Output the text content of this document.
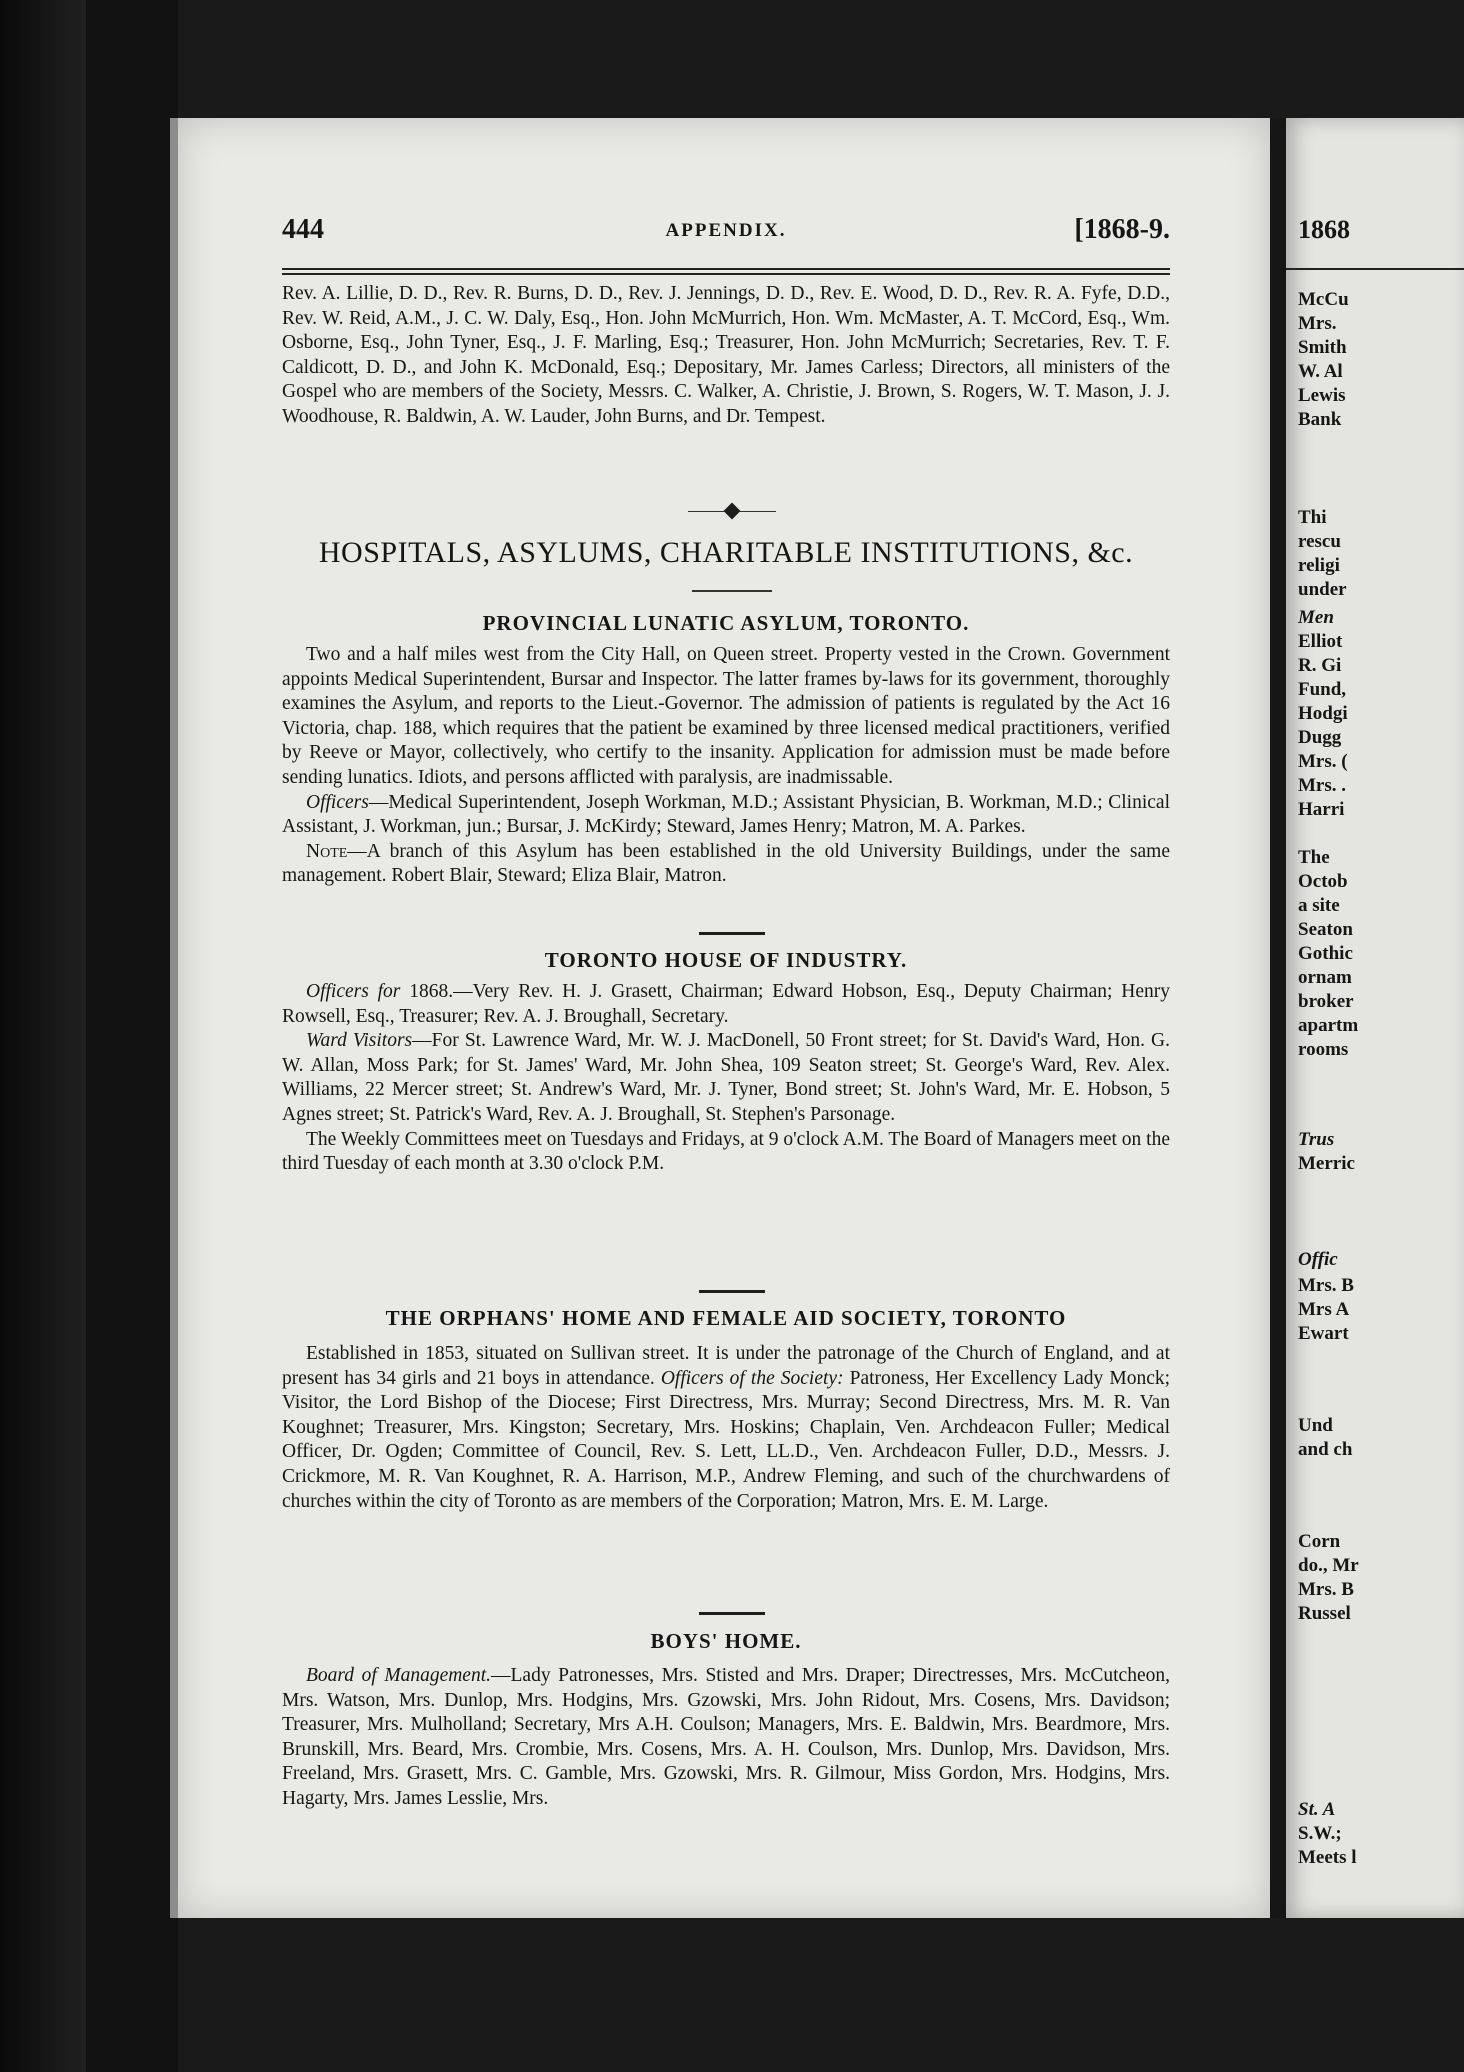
444	APPENDIX.	[1868-9.

Rev. A. Lillie, D. D., Rev. R. Burns, D. D., Rev. J. Jennings, D. D., Rev. E. Wood, D. D., Rev. R. A. Fyfe, D.D., Rev. W. Reid, A.M., J. C. W. Daly, Esq., Hon. John McMurrich, Hon. Wm. McMaster, A. T. McCord, Esq., Wm. Osborne, Esq., John Tyner, Esq., J. F. Marling, Esq.; Treasurer, Hon. John McMurrich; Secretaries, Rev. T. F. Caldicott, D. D., and John K. McDonald, Esq.; Depositary, Mr. James Carless; Directors, all ministers of the Gospel who are members of the Society, Messrs. C. Walker, A. Christie, J. Brown, S. Rogers, W. T. Mason, J. J. Woodhouse, R. Baldwin, A. W. Lauder, John Burns, and Dr. Tempest.

HOSPITALS, ASYLUMS, CHARITABLE INSTITUTIONS, &c.
PROVINCIAL LUNATIC ASYLUM, TORONTO.

Two and a half miles west from the City Hall, on Queen street. Property vested in the Crown. Government appoints Medical Superintendent, Bursar and Inspector. The latter frames by-laws for its government, thoroughly examines the Asylum, and reports to the Lieut.-Governor. The admission of patients is regulated by the Act 16 Victoria, chap. 188, which requires that the patient be examined by three licensed medical practitioners, verified by Reeve or Mayor, collectively, who certify to the insanity. Application for admission must be made before sending lunatics. Idiots, and persons afflicted with paralysis, are inadmissable.

Officers—Medical Superintendent, Joseph Workman, M.D.; Assistant Physician, B. Workman, M.D.; Clinical Assistant, J. Workman, jun.; Bursar, J. McKirdy; Steward, James Henry; Matron, M. A. Parkes.

Note—A branch of this Asylum has been established in the old University Buildings, under the same management. Robert Blair, Steward; Eliza Blair, Matron.

TORONTO HOUSE OF INDUSTRY.

Officers for 1868.—Very Rev. H. J. Grasett, Chairman; Edward Hobson, Esq., Deputy Chairman; Henry Rowsell, Esq., Treasurer; Rev. A. J. Broughall, Secretary.

Ward Visitors—For St. Lawrence Ward, Mr. W. J. MacDonell, 50 Front street; for St. David's Ward, Hon. G. W. Allan, Moss Park; for St. James' Ward, Mr. John Shea, 109 Seaton street; St. George's Ward, Rev. Alex. Williams, 22 Mercer street; St. Andrew's Ward, Mr. J. Tyner, Bond street; St. John's Ward, Mr. E. Hobson, 5 Agnes street; St. Patrick's Ward, Rev. A. J. Broughall, St. Stephen's Parsonage.

The Weekly Committees meet on Tuesdays and Fridays, at 9 o'clock A.M. The Board of Managers meet on the third Tuesday of each month at 3.30 o'clock P.M.

THE ORPHANS' HOME AND FEMALE AID SOCIETY, TORONTO

Established in 1853, situated on Sullivan street. It is under the patronage of the Church of England, and at present has 34 girls and 21 boys in attendance. Officers of the Society: Patroness, Her Excellency Lady Monck; Visitor, the Lord Bishop of the Diocese; First Directress, Mrs. Murray; Second Directress, Mrs. M. R. Van Koughnet; Treasurer, Mrs. Kingston; Secretary, Mrs. Hoskins; Chaplain, Ven. Archdeacon Fuller; Medical Officer, Dr. Ogden; Committee of Council, Rev. S. Lett, LL.D., Ven. Archdeacon Fuller, D.D., Messrs. J. Crickmore, M. R. Van Koughnet, R. A. Harrison, M.P., Andrew Fleming, and such of the churchwardens of churches within the city of Toronto as are members of the Corporation; Matron, Mrs. E. M. Large.

BOYS' HOME.

Board of Management.—Lady Patronesses, Mrs. Stisted and Mrs. Draper; Directresses, Mrs. McCutcheon, Mrs. Watson, Mrs. Dunlop, Mrs. Hodgins, Mrs. Gzowski, Mrs. John Ridout, Mrs. Cosens, Mrs. Davidson; Treasurer, Mrs. Mulholland; Secretary, Mrs A.H. Coulson; Managers, Mrs. E. Baldwin, Mrs. Beardmore, Mrs. Brunskill, Mrs. Beard, Mrs. Crombie, Mrs. Cosens, Mrs. A. H. Coulson, Mrs. Dunlop, Mrs. Davidson, Mrs. Freeland, Mrs. Grasett, Mrs. C. Gamble, Mrs. Gzowski, Mrs. R. Gilmour, Miss Gordon, Mrs. Hodgins, Mrs. Hagarty, Mrs. James Lesslie, Mrs.

1868
McCu
Mrs.
Smith
W. Al
Lewis
Bank
Thi
rescu
religi
under
Men
Elliot
R. Gi
Fund,
Hodgi
Dugg
Mrs. (
Mrs. .
Harri
The
Octob
a site
Seaton
Gothic
ornam
broker
apartm
rooms
Trus
Merric
Offic
Mrs. B
Mrs A
Ewart
Und
and ch
Corn
do., Mr
Mrs. B
Russel
St. A
S.W.;
Meets l
